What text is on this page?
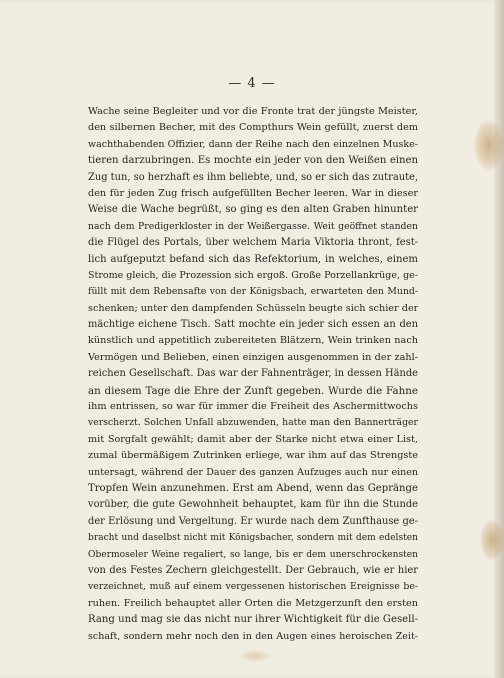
— 4 —
Wache seine Begleiter und vor die Fronte trat der jüngste Meister,
den silbernen Becher, mit des Compthurs Wein gefüllt, zuerst dem
wachthabenden Offizier, dann der Reihe nach den einzelnen Muske-
tieren darzubringen. Es mochte ein jeder von den Weißen einen
Zug tun, so herzhaft es ihm beliebte, und, so er sich das zutraute,
den für jeden Zug frisch aufgefüllten Becher leeren. War in dieser
Weise die Wache begrüßt, so ging es den alten Graben hinunter
nach dem Predigerkloster in der Weißergasse. Weit geöffnet standen
die Flügel des Portals, über welchem Maria Viktoria thront, fest-
lich aufgeputzt befand sich das Refektorium, in welches, einem
Strome gleich, die Prozession sich ergoß. Große Porzellankrüge, ge-
füllt mit dem Rebensafte von der Königsbach, erwarteten den Mund-
schenken; unter den dampfenden Schüsseln beugte sich schier der
mächtige eichene Tisch. Satt mochte ein jeder sich essen an den
künstlich und appetitlich zubereiteten Blätzern, Wein trinken nach
Vermögen und Belieben, einen einzigen ausgenommen in der zahl-
reichen Gesellschaft. Das war der Fahnenträger, in dessen Hände
an diesem Tage die Ehre der Zunft gegeben. Wurde die Fahne
ihm entrissen, so war für immer die Freiheit des Aschermittwochs
verscherzt. Solchen Unfall abzuwenden, hatte man den Bannerträger
mit Sorgfalt gewählt; damit aber der Starke nicht etwa einer List,
zumal übermäßigem Zutrinken erliege, war ihm auf das Strengste
untersagt, während der Dauer des ganzen Aufzuges auch nur einen
Tropfen Wein anzunehmen. Erst am Abend, wenn das Gepränge
vorüber, die gute Gewohnheit behauptet, kam für ihn die Stunde
der Erlösung und Vergeltung. Er wurde nach dem Zunfthause ge-
bracht und daselbst nicht mit Königsbacher, sondern mit dem edelsten
Obermoseler Weine regaliert, so lange, bis er dem unerschrockensten
von des Festes Zechern gleichgestellt. Der Gebrauch, wie er hier
verzeichnet, muß auf einem vergessenen historischen Ereignisse be-
ruhen. Freilich behauptet aller Orten die Metzgerzunft den ersten
Rang und mag sie das nicht nur ihrer Wichtigkeit für die Gesell-
schaft, sondern mehr noch den in den Augen eines heroischen Zeit-
